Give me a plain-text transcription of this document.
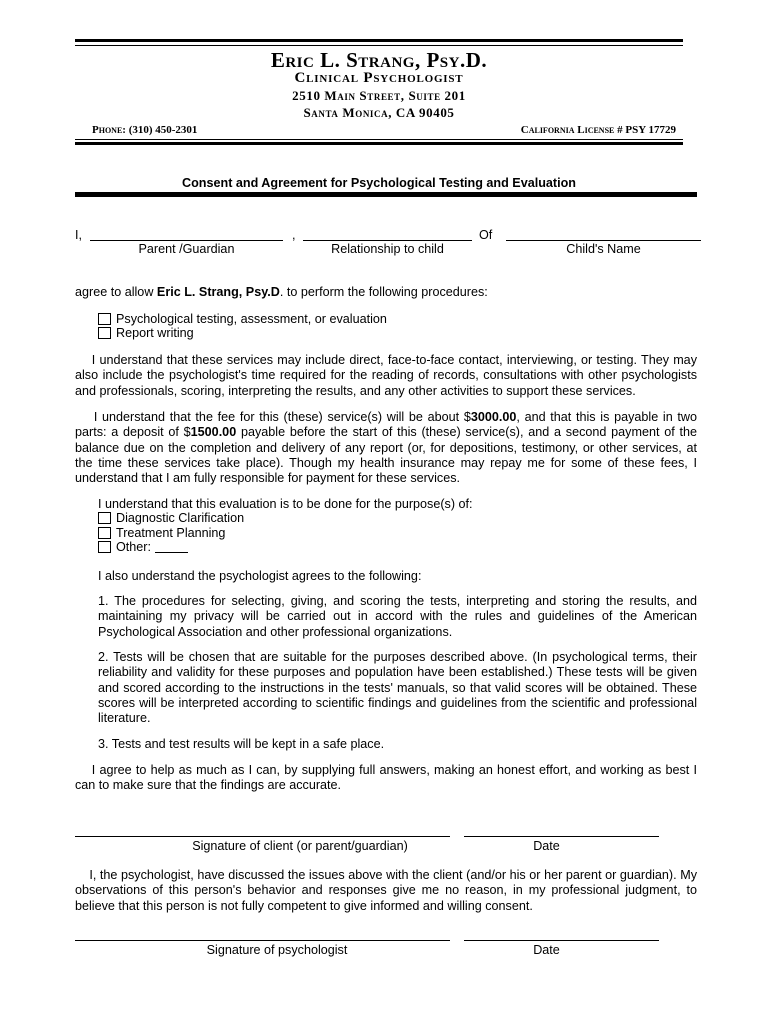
Eric L. Strang, Psy.D.
Clinical Psychologist
2510 Main Street, Suite 201
Santa Monica, CA 90405
Phone: (310) 450-2301	California License # PSY 17729
Consent and Agreement for Psychological Testing and Evaluation
I,	,	Of
Parent /Guardian	Relationship to child	Child's Name
agree to allow Eric L. Strang, Psy.D. to perform the following procedures:
Psychological testing, assessment, or evaluation
Report writing
I understand that these services may include direct, face-to-face contact, interviewing, or testing. They may also include the psychologist's time required for the reading of records, consultations with other psychologists and professionals, scoring, interpreting the results, and any other activities to support these services.
I understand that the fee for this (these) service(s) will be about $3000.00, and that this is payable in two parts: a deposit of $1500.00 payable before the start of this (these) service(s), and a second payment of the balance due on the completion and delivery of any report (or, for depositions, testimony, or other services, at the time these services take place). Though my health insurance may repay me for some of these fees, I understand that I am fully responsible for payment for these services.
I understand that this evaluation is to be done for the purpose(s) of:
Diagnostic Clarification
Treatment Planning
Other:
I also understand the psychologist agrees to the following:
1. The procedures for selecting, giving, and scoring the tests, interpreting and storing the results, and maintaining my privacy will be carried out in accord with the rules and guidelines of the American Psychological Association and other professional organizations.
2. Tests will be chosen that are suitable for the purposes described above. (In psychological terms, their reliability and validity for these purposes and population have been established.) These tests will be given and scored according to the instructions in the tests' manuals, so that valid scores will be obtained. These scores will be interpreted according to scientific findings and guidelines from the scientific and professional literature.
3. Tests and test results will be kept in a safe place.
I agree to help as much as I can, by supplying full answers, making an honest effort, and working as best I can to make sure that the findings are accurate.
Signature of client (or parent/guardian)	Date
I, the psychologist, have discussed the issues above with the client (and/or his or her parent or guardian). My observations of this person's behavior and responses give me no reason, in my professional judgment, to believe that this person is not fully competent to give informed and willing consent.
Signature of psychologist	Date
